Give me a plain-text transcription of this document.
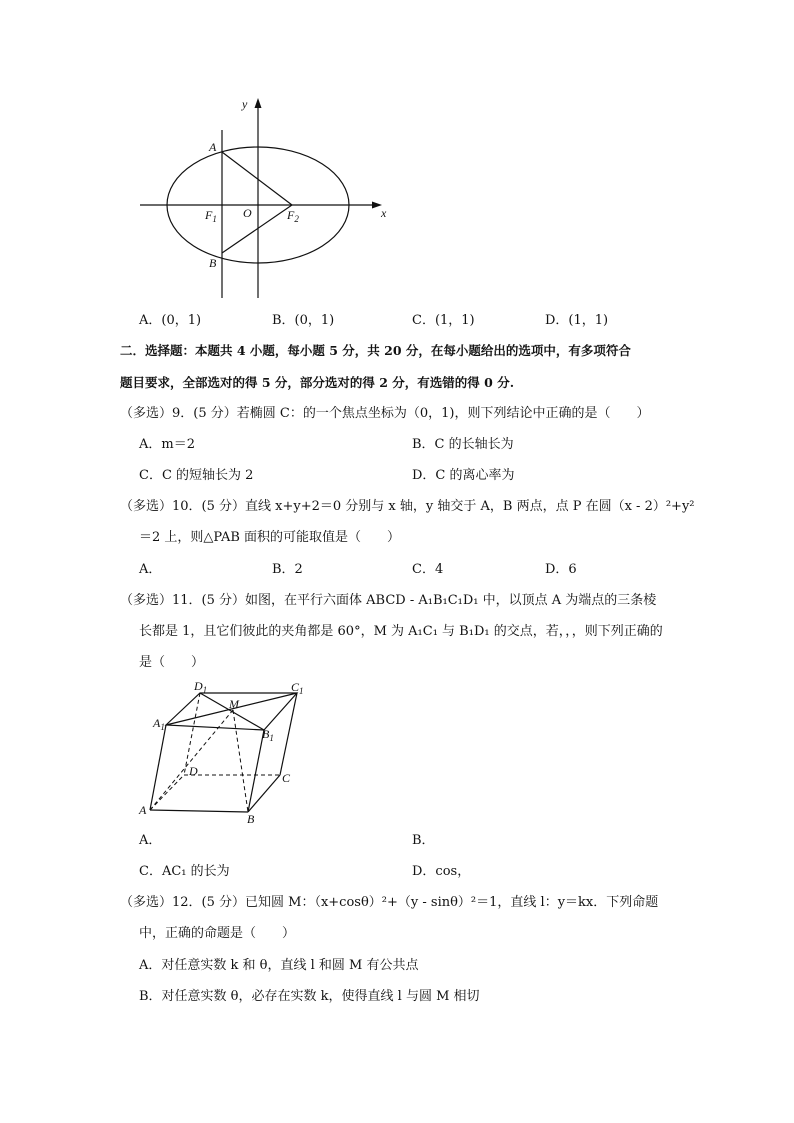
y
x
A
B
O
$F_1$	$F_2$
A．(0，1)	B．(0，1)	C．(1，1)	D．(1，1)
二．选择题：本题共 4 小题，每小题 5 分，共 20 分，在每小题给出的选项中，有多项符合
题目要求，全部选对的得 5 分，部分选对的得 2 分，有选错的得 0 分.
（多选）9．(5 分）若椭圆 C：的一个焦点坐标为（0，1)，则下列结论中正确的是（　　）
A．m＝2	B．C 的长轴长为
C．C 的短轴长为 2	D．C 的离心率为
（多选）10．(5 分）直线 x+y+2＝0 分别与 x 轴，y 轴交于 A，B 两点，点 P 在圆（x - 2）²+y²
＝2 上，则△PAB 面积的可能取值是（　　）
A．	B．2	C．4	D．6
（多选）11．(5 分）如图，在平行六面体 ABCD - A₁B₁C₁D₁ 中，以顶点 A 为端点的三条棱
长都是 1，且它们彼此的夹角都是 60°，M 为 A₁C₁ 与 B₁D₁ 的交点，若，，，则下列正确的
是（　　）
$D_1$	$C_1$
M
$A_1$	$B_1$
D	C
A
B
A．	B．
C．AC₁ 的长为	D．cos，
（多选）12．(5 分）已知圆 M：（x+cosθ）²+（y - sinθ）²＝1，直线 l：y＝kx．下列命题
中，正确的命题是（　　）
A．对任意实数 k 和 θ，直线 l 和圆 M 有公共点
B．对任意实数 θ，必存在实数 k，使得直线 l 与圆 M 相切
